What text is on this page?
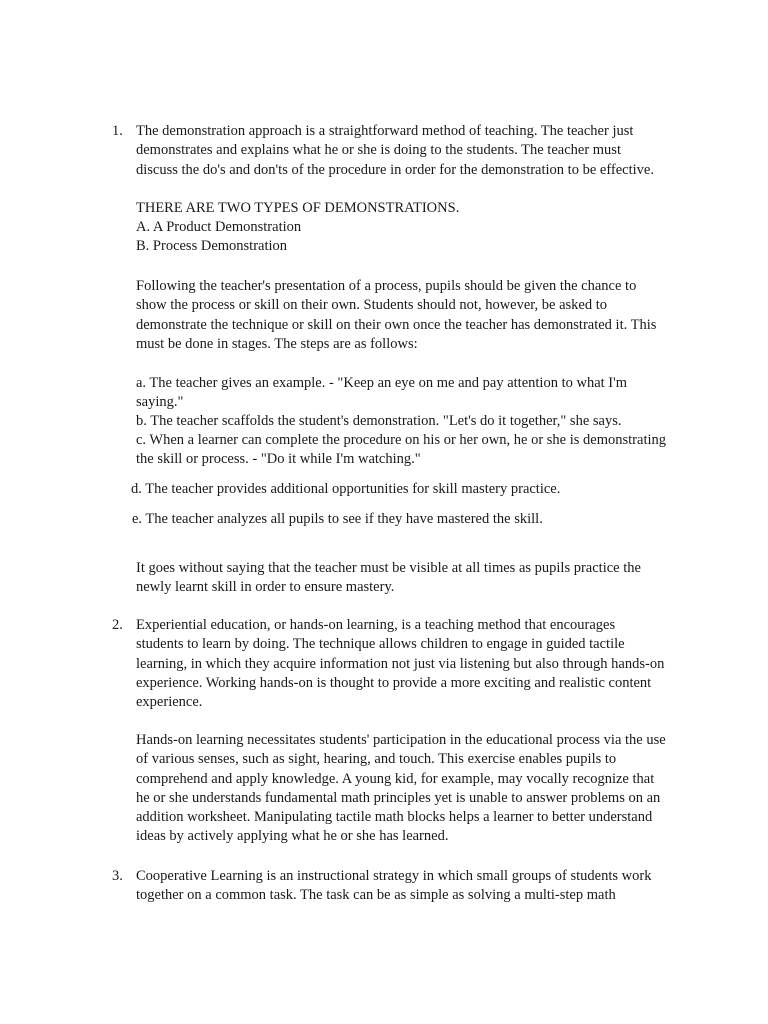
1. The demonstration approach is a straightforward method of teaching. The teacher just demonstrates and explains what he or she is doing to the students. The teacher must discuss the do's and don'ts of the procedure in order for the demonstration to be effective.

THERE ARE TWO TYPES OF DEMONSTRATIONS.

A. A Product Demonstration

B. Process Demonstration

Following the teacher's presentation of a process, pupils should be given the chance to show the process or skill on their own. Students should not, however, be asked to demonstrate the technique or skill on their own once the teacher has demonstrated it. This must be done in stages. The steps are as follows:

a. The teacher gives an example. - "Keep an eye on me and pay attention to what I'm saying."

b. The teacher scaffolds the student's demonstration. "Let's do it together," she says.

c. When a learner can complete the procedure on his or her own, he or she is demonstrating the skill or process. - "Do it while I'm watching."

d. The teacher provides additional opportunities for skill mastery practice.

e. The teacher analyzes all pupils to see if they have mastered the skill.

It goes without saying that the teacher must be visible at all times as pupils practice the newly learnt skill in order to ensure mastery.

2. Experiential education, or hands-on learning, is a teaching method that encourages students to learn by doing. The technique allows children to engage in guided tactile learning, in which they acquire information not just via listening but also through hands-on experience. Working hands-on is thought to provide a more exciting and realistic content experience.

Hands-on learning necessitates students' participation in the educational process via the use of various senses, such as sight, hearing, and touch. This exercise enables pupils to comprehend and apply knowledge. A young kid, for example, may vocally recognize that he or she understands fundamental math principles yet is unable to answer problems on an addition worksheet. Manipulating tactile math blocks helps a learner to better understand ideas by actively applying what he or she has learned.

3. Cooperative Learning is an instructional strategy in which small groups of students work together on a common task. The task can be as simple as solving a multi-step math
